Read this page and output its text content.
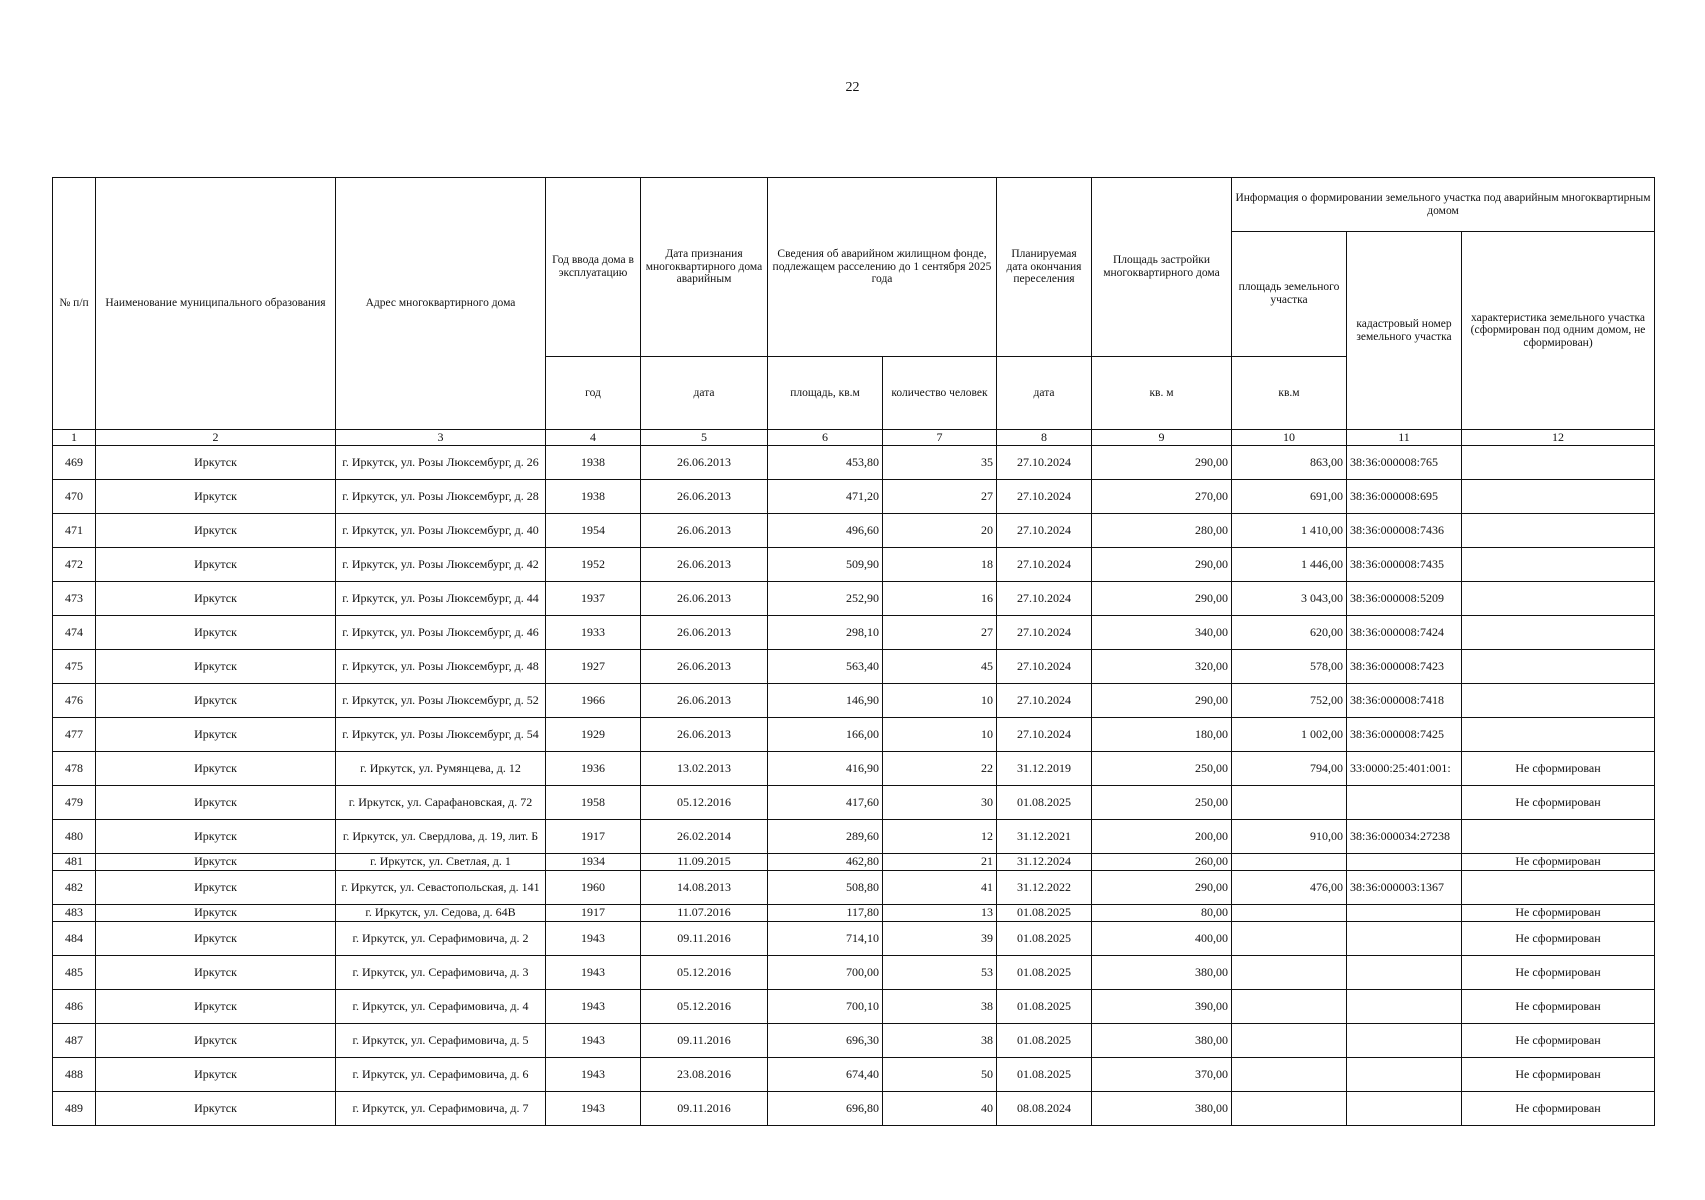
22
№ п/п	Наименование муниципального образования	Адрес многоквартирного дома	Год ввода дома в эксплуатацию	Дата признания многоквартирного дома аварийным	Сведения об аварийном жилищном фонде, подлежащем расселению до 1 сентября 2025 года		Планируемая дата окончания переселения	Площадь застройки многоквартирного дома	Информация о формировании земельного участка под аварийным многоквартирным домом		
									площадь земельного участка	кадастровый номер земельного участка	характеристика земельного участка (сформирован под одним домом, не сформирован)
			год	дата	площадь, кв.м	количество человек	дата	кв. м	кв.м		
1	2	3	4	5	6	7	8	9	10	11	12
469	Иркутск	г. Иркутск, ул. Розы Люксембург, д. 26	1938	26.06.2013	453,80	35	27.10.2024	290,00	863,00	38:36:000008:765	
470	Иркутск	г. Иркутск, ул. Розы Люксембург, д. 28	1938	26.06.2013	471,20	27	27.10.2024	270,00	691,00	38:36:000008:695	
471	Иркутск	г. Иркутск, ул. Розы Люксембург, д. 40	1954	26.06.2013	496,60	20	27.10.2024	280,00	1 410,00	38:36:000008:7436	
472	Иркутск	г. Иркутск, ул. Розы Люксембург, д. 42	1952	26.06.2013	509,90	18	27.10.2024	290,00	1 446,00	38:36:000008:7435	
473	Иркутск	г. Иркутск, ул. Розы Люксембург, д. 44	1937	26.06.2013	252,90	16	27.10.2024	290,00	3 043,00	38:36:000008:5209	
474	Иркутск	г. Иркутск, ул. Розы Люксембург, д. 46	1933	26.06.2013	298,10	27	27.10.2024	340,00	620,00	38:36:000008:7424	
475	Иркутск	г. Иркутск, ул. Розы Люксембург, д. 48	1927	26.06.2013	563,40	45	27.10.2024	320,00	578,00	38:36:000008:7423	
476	Иркутск	г. Иркутск, ул. Розы Люксембург, д. 52	1966	26.06.2013	146,90	10	27.10.2024	290,00	752,00	38:36:000008:7418	
477	Иркутск	г. Иркутск, ул. Розы Люксембург, д. 54	1929	26.06.2013	166,00	10	27.10.2024	180,00	1 002,00	38:36:000008:7425	
478	Иркутск	г. Иркутск, ул. Румянцева, д. 12	1936	13.02.2013	416,90	22	31.12.2019	250,00	794,00	33:0000:25:401:001:	Не сформирован
479	Иркутск	г. Иркутск, ул. Сарафановская, д. 72	1958	05.12.2016	417,60	30	01.08.2025	250,00			Не сформирован
480	Иркутск	г. Иркутск, ул. Свердлова, д. 19, лит. Б	1917	26.02.2014	289,60	12	31.12.2021	200,00	910,00	38:36:000034:27238	
481	Иркутск	г. Иркутск, ул. Светлая, д. 1	1934	11.09.2015	462,80	21	31.12.2024	260,00			Не сформирован
482	Иркутск	г. Иркутск, ул. Севастопольская, д. 141	1960	14.08.2013	508,80	41	31.12.2022	290,00	476,00	38:36:000003:1367	
483	Иркутск	г. Иркутск, ул. Седова, д. 64В	1917	11.07.2016	117,80	13	01.08.2025	80,00			Не сформирован
484	Иркутск	г. Иркутск, ул. Серафимовича, д. 2	1943	09.11.2016	714,10	39	01.08.2025	400,00			Не сформирован
485	Иркутск	г. Иркутск, ул. Серафимовича, д. 3	1943	05.12.2016	700,00	53	01.08.2025	380,00			Не сформирован
486	Иркутск	г. Иркутск, ул. Серафимовича, д. 4	1943	05.12.2016	700,10	38	01.08.2025	390,00			Не сформирован
487	Иркутск	г. Иркутск, ул. Серафимовича, д. 5	1943	09.11.2016	696,30	38	01.08.2025	380,00			Не сформирован
488	Иркутск	г. Иркутск, ул. Серафимовича, д. 6	1943	23.08.2016	674,40	50	01.08.2025	370,00			Не сформирован
489	Иркутск	г. Иркутск, ул. Серафимовича, д. 7	1943	09.11.2016	696,80	40	08.08.2024	380,00			Не сформирован
